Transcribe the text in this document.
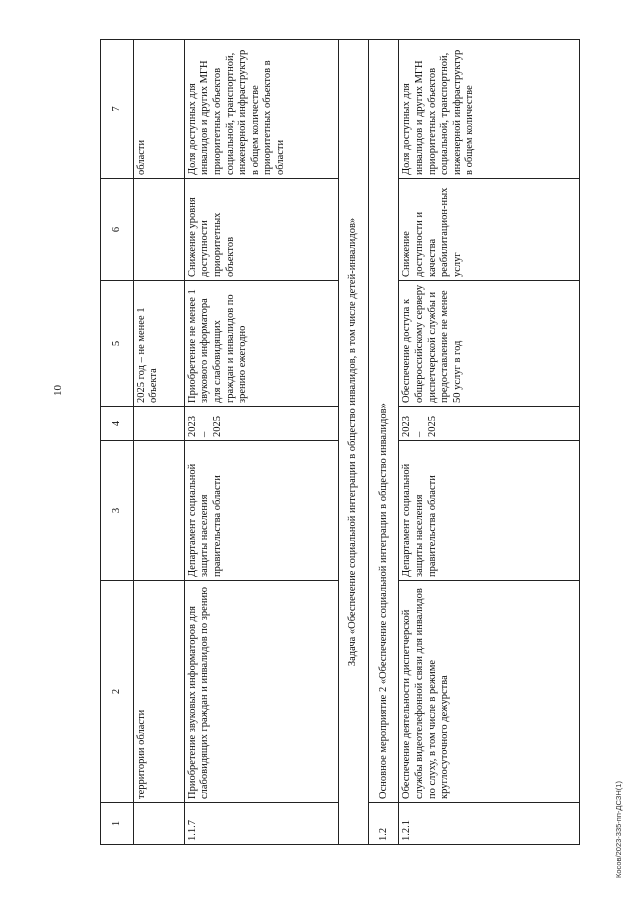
10
1	2	3	4	5	6	7
	территории области			2025 год – не менее 1 объекта		области
1.1.7	Приобретение звуковых информаторов для слабовидящих граждан и инвалидов по зрению	Департамент социальной защиты населения правительства области	2023 – 2025	Приобретение не менее 1 звукового информатора для слабовидящих граждан и инвалидов по зрению ежегодно	Снижение уровня доступности приоритетных объектов	Доля доступных для инвалидов и других МГН приоритетных объектов социальной, транспортной, инженерной инфраструктур в общем количестве приоритетных объектов в области
Задача «Обеспечение социальной интеграции в общество инвалидов, в том числе детей-инвалидов»						
1.2	Основное мероприятие 2 «Обеспечение социальной интеграции в общество инвалидов»					
1.2.1	Обеспечение деятельности диспетчерской службы видеотелефонной связи для инвалидов по слуху, в том числе в режиме круглосуточного дежурства	Департамент социальной защиты населения правительства области	2023 – 2025	Обеспечение доступа к общероссийскому серверу диспетчерской службы и предоставление не менее 50 услуг в год	Снижение доступности и качества реабилитацион-ных услуг	Доля доступных для инвалидов и других МГН приоритетных объектов социальной, транспортной, инженерной инфраструктур в общем количестве
Косов/2023-335-пп-ДСЗН(1)
